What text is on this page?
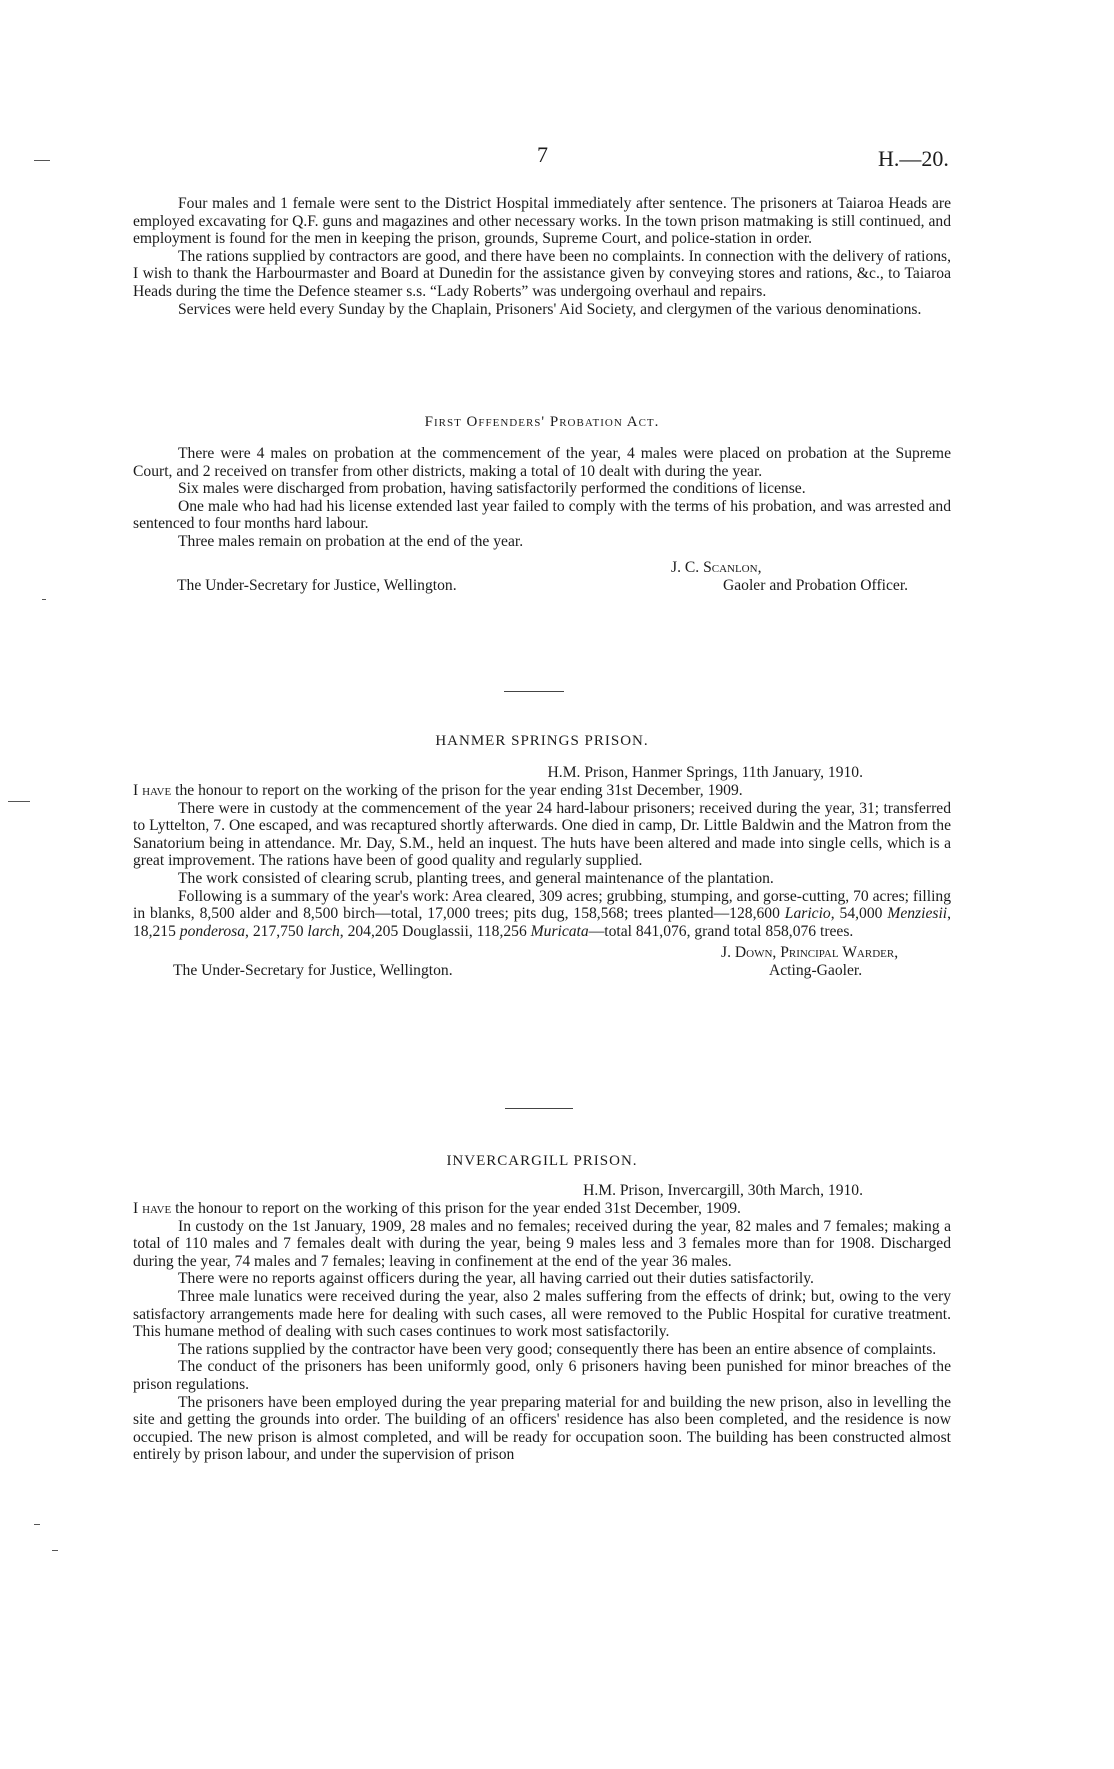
7	H.—20.

Four males and 1 female were sent to the District Hospital immediately after sentence. The prisoners at Taiaroa Heads are employed excavating for Q.F. guns and magazines and other necessary works. In the town prison matmaking is still continued, and employment is found for the men in keeping the prison, grounds, Supreme Court, and police-station in order.

The rations supplied by contractors are good, and there have been no complaints. In connection with the delivery of rations, I wish to thank the Harbourmaster and Board at Dunedin for the assistance given by conveying stores and rations, &c., to Taiaroa Heads during the time the Defence steamer s.s. “Lady Roberts” was undergoing overhaul and repairs.

Services were held every Sunday by the Chaplain, Prisoners' Aid Society, and clergymen of the various denominations.

First Offenders' Probation Act.

There were 4 males on probation at the commencement of the year, 4 males were placed on probation at the Supreme Court, and 2 received on transfer from other districts, making a total of 10 dealt with during the year.

Six males were discharged from probation, having satisfactorily performed the conditions of license.

One male who had had his license extended last year failed to comply with the terms of his probation, and was arrested and sentenced to four months hard labour.

Three males remain on probation at the end of the year.

The Under-Secretary for Justice, Wellington.
J. C. Scanlon,
Gaoler and Probation Officer.
HANMER SPRINGS PRISON.
H.M. Prison, Hanmer Springs, 11th January, 1910.

I have the honour to report on the working of the prison for the year ending 31st December, 1909.

There were in custody at the commencement of the year 24 hard-labour prisoners; received during the year, 31; transferred to Lyttelton, 7. One escaped, and was recaptured shortly afterwards. One died in camp, Dr. Little Baldwin and the Matron from the Sanatorium being in attendance. Mr. Day, S.M., held an inquest. The huts have been altered and made into single cells, which is a great improvement. The rations have been of good quality and regularly supplied.

The work consisted of clearing scrub, planting trees, and general maintenance of the plantation.

Following is a summary of the year's work: Area cleared, 309 acres; grubbing, stumping, and gorse-cutting, 70 acres; filling in blanks, 8,500 alder and 8,500 birch—total, 17,000 trees; pits dug, 158,568; trees planted—128,600 Laricio, 54,000 Menziesii, 18,215 ponderosa, 217,750 larch, 204,205 Douglassii, 118,256 Muricata—total 841,076, grand total 858,076 trees.

The Under-Secretary for Justice, Wellington.
J. Down, Principal Warder,
Acting-Gaoler.
INVERCARGILL PRISON.
H.M. Prison, Invercargill, 30th March, 1910.

I have the honour to report on the working of this prison for the year ended 31st December, 1909.

In custody on the 1st January, 1909, 28 males and no females; received during the year, 82 males and 7 females; making a total of 110 males and 7 females dealt with during the year, being 9 males less and 3 females more than for 1908. Discharged during the year, 74 males and 7 females; leaving in confinement at the end of the year 36 males.

There were no reports against officers during the year, all having carried out their duties satisfactorily.

Three male lunatics were received during the year, also 2 males suffering from the effects of drink; but, owing to the very satisfactory arrangements made here for dealing with such cases, all were removed to the Public Hospital for curative treatment. This humane method of dealing with such cases continues to work most satisfactorily.

The rations supplied by the contractor have been very good; consequently there has been an entire absence of complaints.

The conduct of the prisoners has been uniformly good, only 6 prisoners having been punished for minor breaches of the prison regulations.

The prisoners have been employed during the year preparing material for and building the new prison, also in levelling the site and getting the grounds into order. The building of an officers' residence has also been completed, and the residence is now occupied. The new prison is almost completed, and will be ready for occupation soon. The building has been constructed almost entirely by prison labour, and under the supervision of prison
